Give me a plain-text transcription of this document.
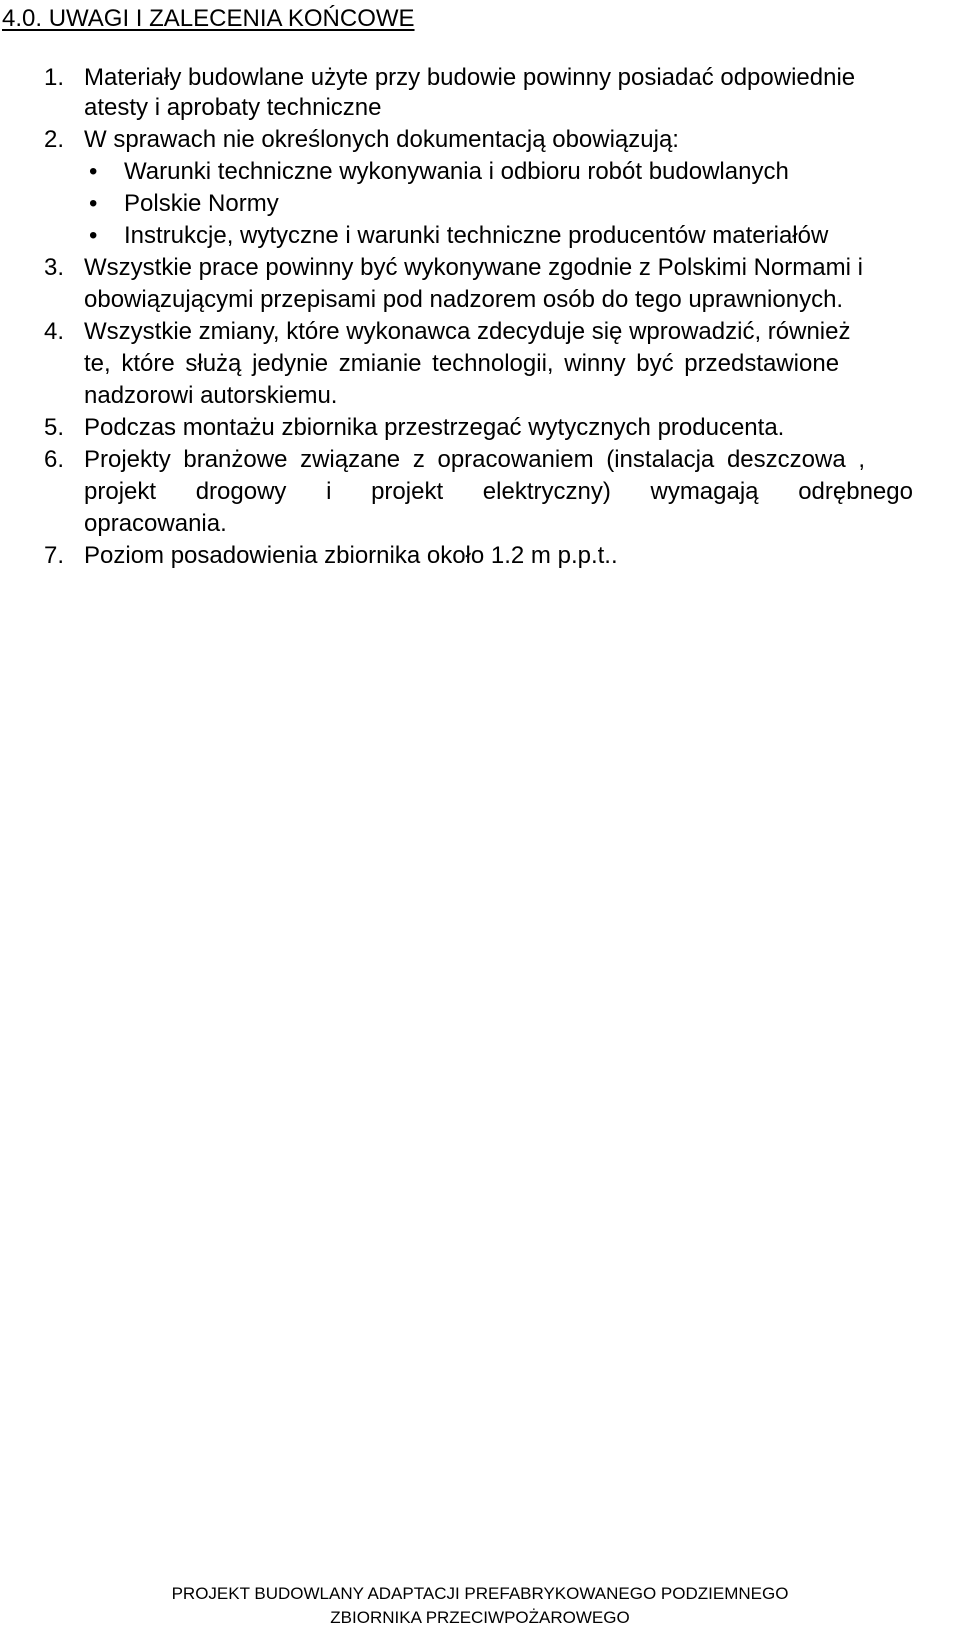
4.0. UWAGI I ZALECENIA KOŃCOWE
1. Materiały budowlane użyte przy budowie powinny posiadać odpowiednie
atesty i aprobaty techniczne
2. W sprawach nie określonych dokumentacją obowiązują:
• Warunki techniczne wykonywania i odbioru robót budowlanych
• Polskie Normy
• Instrukcje, wytyczne i warunki techniczne producentów materiałów
3. Wszystkie prace powinny być wykonywane zgodnie z Polskimi Normami i
obowiązującymi przepisami pod nadzorem osób do tego uprawnionych.
4. Wszystkie zmiany, które wykonawca zdecyduje się wprowadzić, również
te, które służą jedynie zmianie technologii, winny być przedstawione
nadzorowi autorskiemu.
5. Podczas montażu zbiornika przestrzegać wytycznych producenta.
6. Projekty branżowe związane z opracowaniem (instalacja deszczowa ,
projekt drogowy i projekt elektryczny) wymagają odrębnego
opracowania.
7. Poziom posadowienia zbiornika około 1.2 m p.p.t..
PROJEKT BUDOWLANY ADAPTACJI PREFABRYKOWANEGO PODZIEMNEGO
ZBIORNIKA PRZECIWPOŻAROWEGO
